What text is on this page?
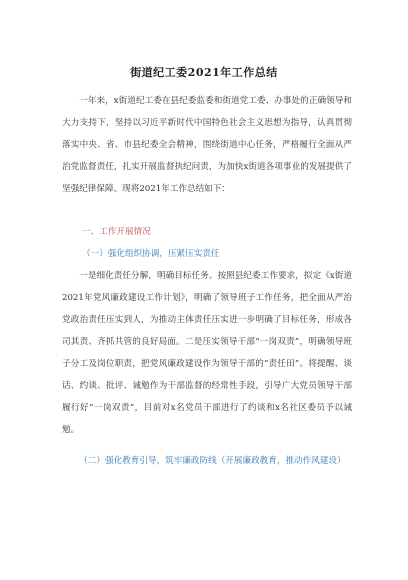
街道纪工委2021年工作总结
一年来，x街道纪工委在县纪委监委和街道党工委、办事处的正确领导和大力支持下，坚持以习近平新时代中国特色社会主义思想为指导，认真贯彻落实中央、省、市县纪委全会精神，围绕街道中心任务，严格履行全面从严治党监督责任，扎实开展监督执纪问责，为加快x街道各项事业的发展提供了坚强纪律保障。现将2021年工作总结如下：
一、工作开展情况
（一）强化组织协调，压紧压实责任
一是细化责任分解，明确目标任务。按照县纪委工作要求，拟定《x街道2021年党风廉政建设工作计划》，明确了领导班子工作任务，把全面从严治党政治责任压实到人，为推动主体责任压实进一步明确了目标任务，形成各司其责、齐抓共管的良好局面。二是压实领导干部“一岗双责”，明确领导班子分工及岗位职责，把党风廉政建设作为领导干部的“责任田”。将提醒、谈话、约谈、批评、诫勉作为干部监督的经常性手段，引导广大党员领导干部履行好“一岗双责”，目前对x名党员干部进行了约谈和x名社区委员予以诫勉。
（二）强化教育引导，筑牢廉政防线（开展廉政教育，推动作风建设）
